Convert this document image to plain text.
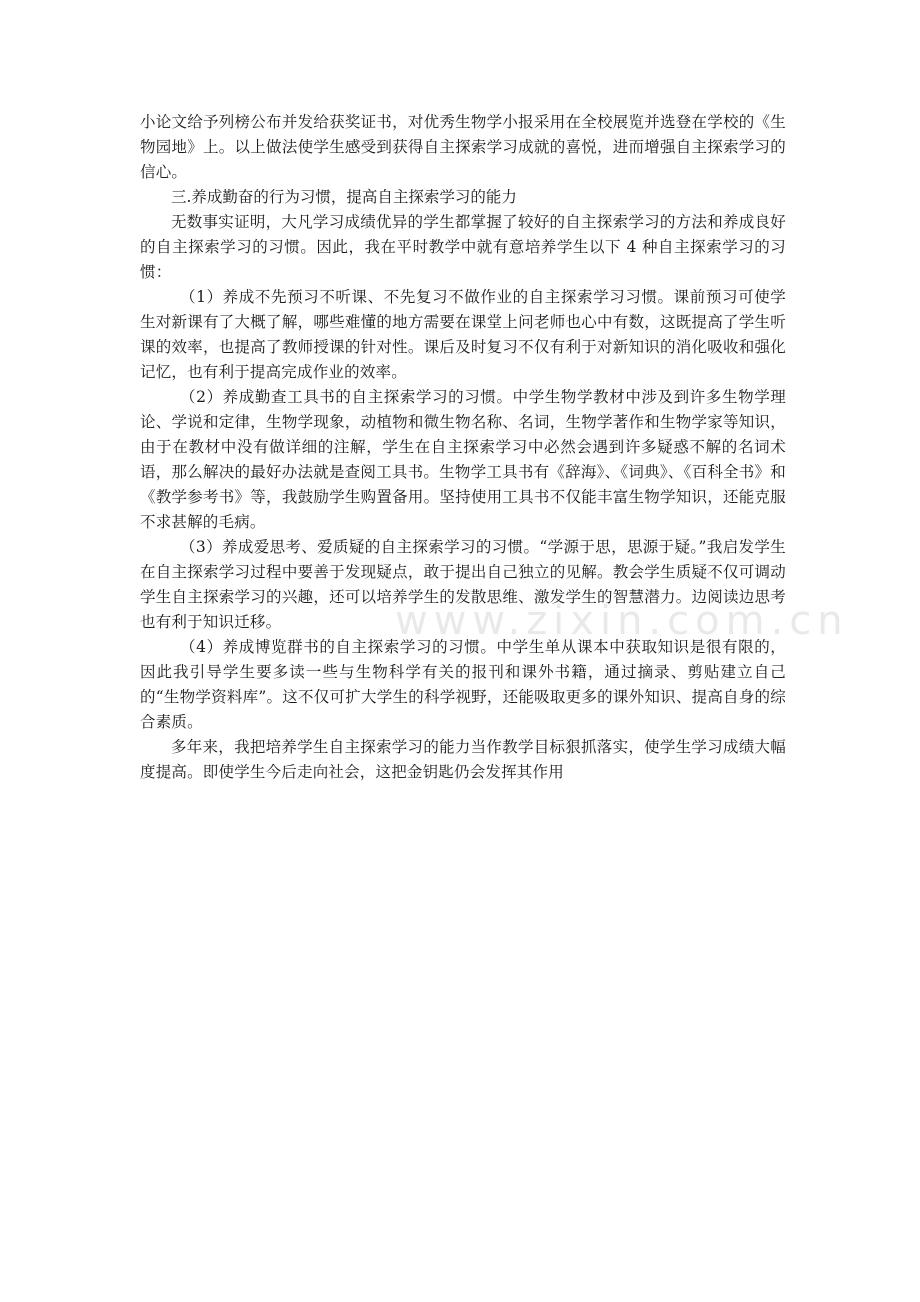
小论文给予列榜公布并发给获奖证书，对优秀生物学小报采用在全校展览并选登在学校的《生物园地》上。以上做法使学生感受到获得自主探索学习成就的喜悦，进而增强自主探索学习的信心。

三.养成勤奋的行为习惯，提高自主探索学习的能力

无数事实证明，大凡学习成绩优异的学生都掌握了较好的自主探索学习的方法和养成良好的自主探索学习的习惯。因此，我在平时教学中就有意培养学生以下 4 种自主探索学习的习惯：

（1）养成不先预习不听课、不先复习不做作业的自主探索学习习惯。课前预习可使学生对新课有了大概了解，哪些难懂的地方需要在课堂上问老师也心中有数，这既提高了学生听课的效率，也提高了教师授课的针对性。课后及时复习不仅有利于对新知识的消化吸收和强化记忆，也有利于提高完成作业的效率。

（2）养成勤查工具书的自主探索学习的习惯。中学生物学教材中涉及到许多生物学理论、学说和定律，生物学现象，动植物和微生物名称、名词，生物学著作和生物学家等知识，由于在教材中没有做详细的注解，学生在自主探索学习中必然会遇到许多疑惑不解的名词术语，那么解决的最好办法就是查阅工具书。生物学工具书有《辞海》、《词典》、《百科全书》和《教学参考书》等，我鼓励学生购置备用。坚持使用工具书不仅能丰富生物学知识，还能克服不求甚解的毛病。

（3）养成爱思考、爱质疑的自主探索学习的习惯。“学源于思，思源于疑。”我启发学生在自主探索学习过程中要善于发现疑点，敢于提出自己独立的见解。教会学生质疑不仅可调动学生自主探索学习的兴趣，还可以培养学生的发散思维、激发学生的智慧潜力。边阅读边思考也有利于知识迁移。

（4）养成博览群书的自主探索学习的习惯。中学生单从课本中获取知识是很有限的，因此我引导学生要多读一些与生物科学有关的报刊和课外书籍，通过摘录、剪贴建立自己的“生物学资料库”。这不仅可扩大学生的科学视野，还能吸取更多的课外知识、提高自身的综合素质。

多年来，我把培养学生自主探索学习的能力当作教学目标狠抓落实，使学生学习成绩大幅度提高。即使学生今后走向社会，这把金钥匙仍会发挥其作用

www.zixin.com.cn
